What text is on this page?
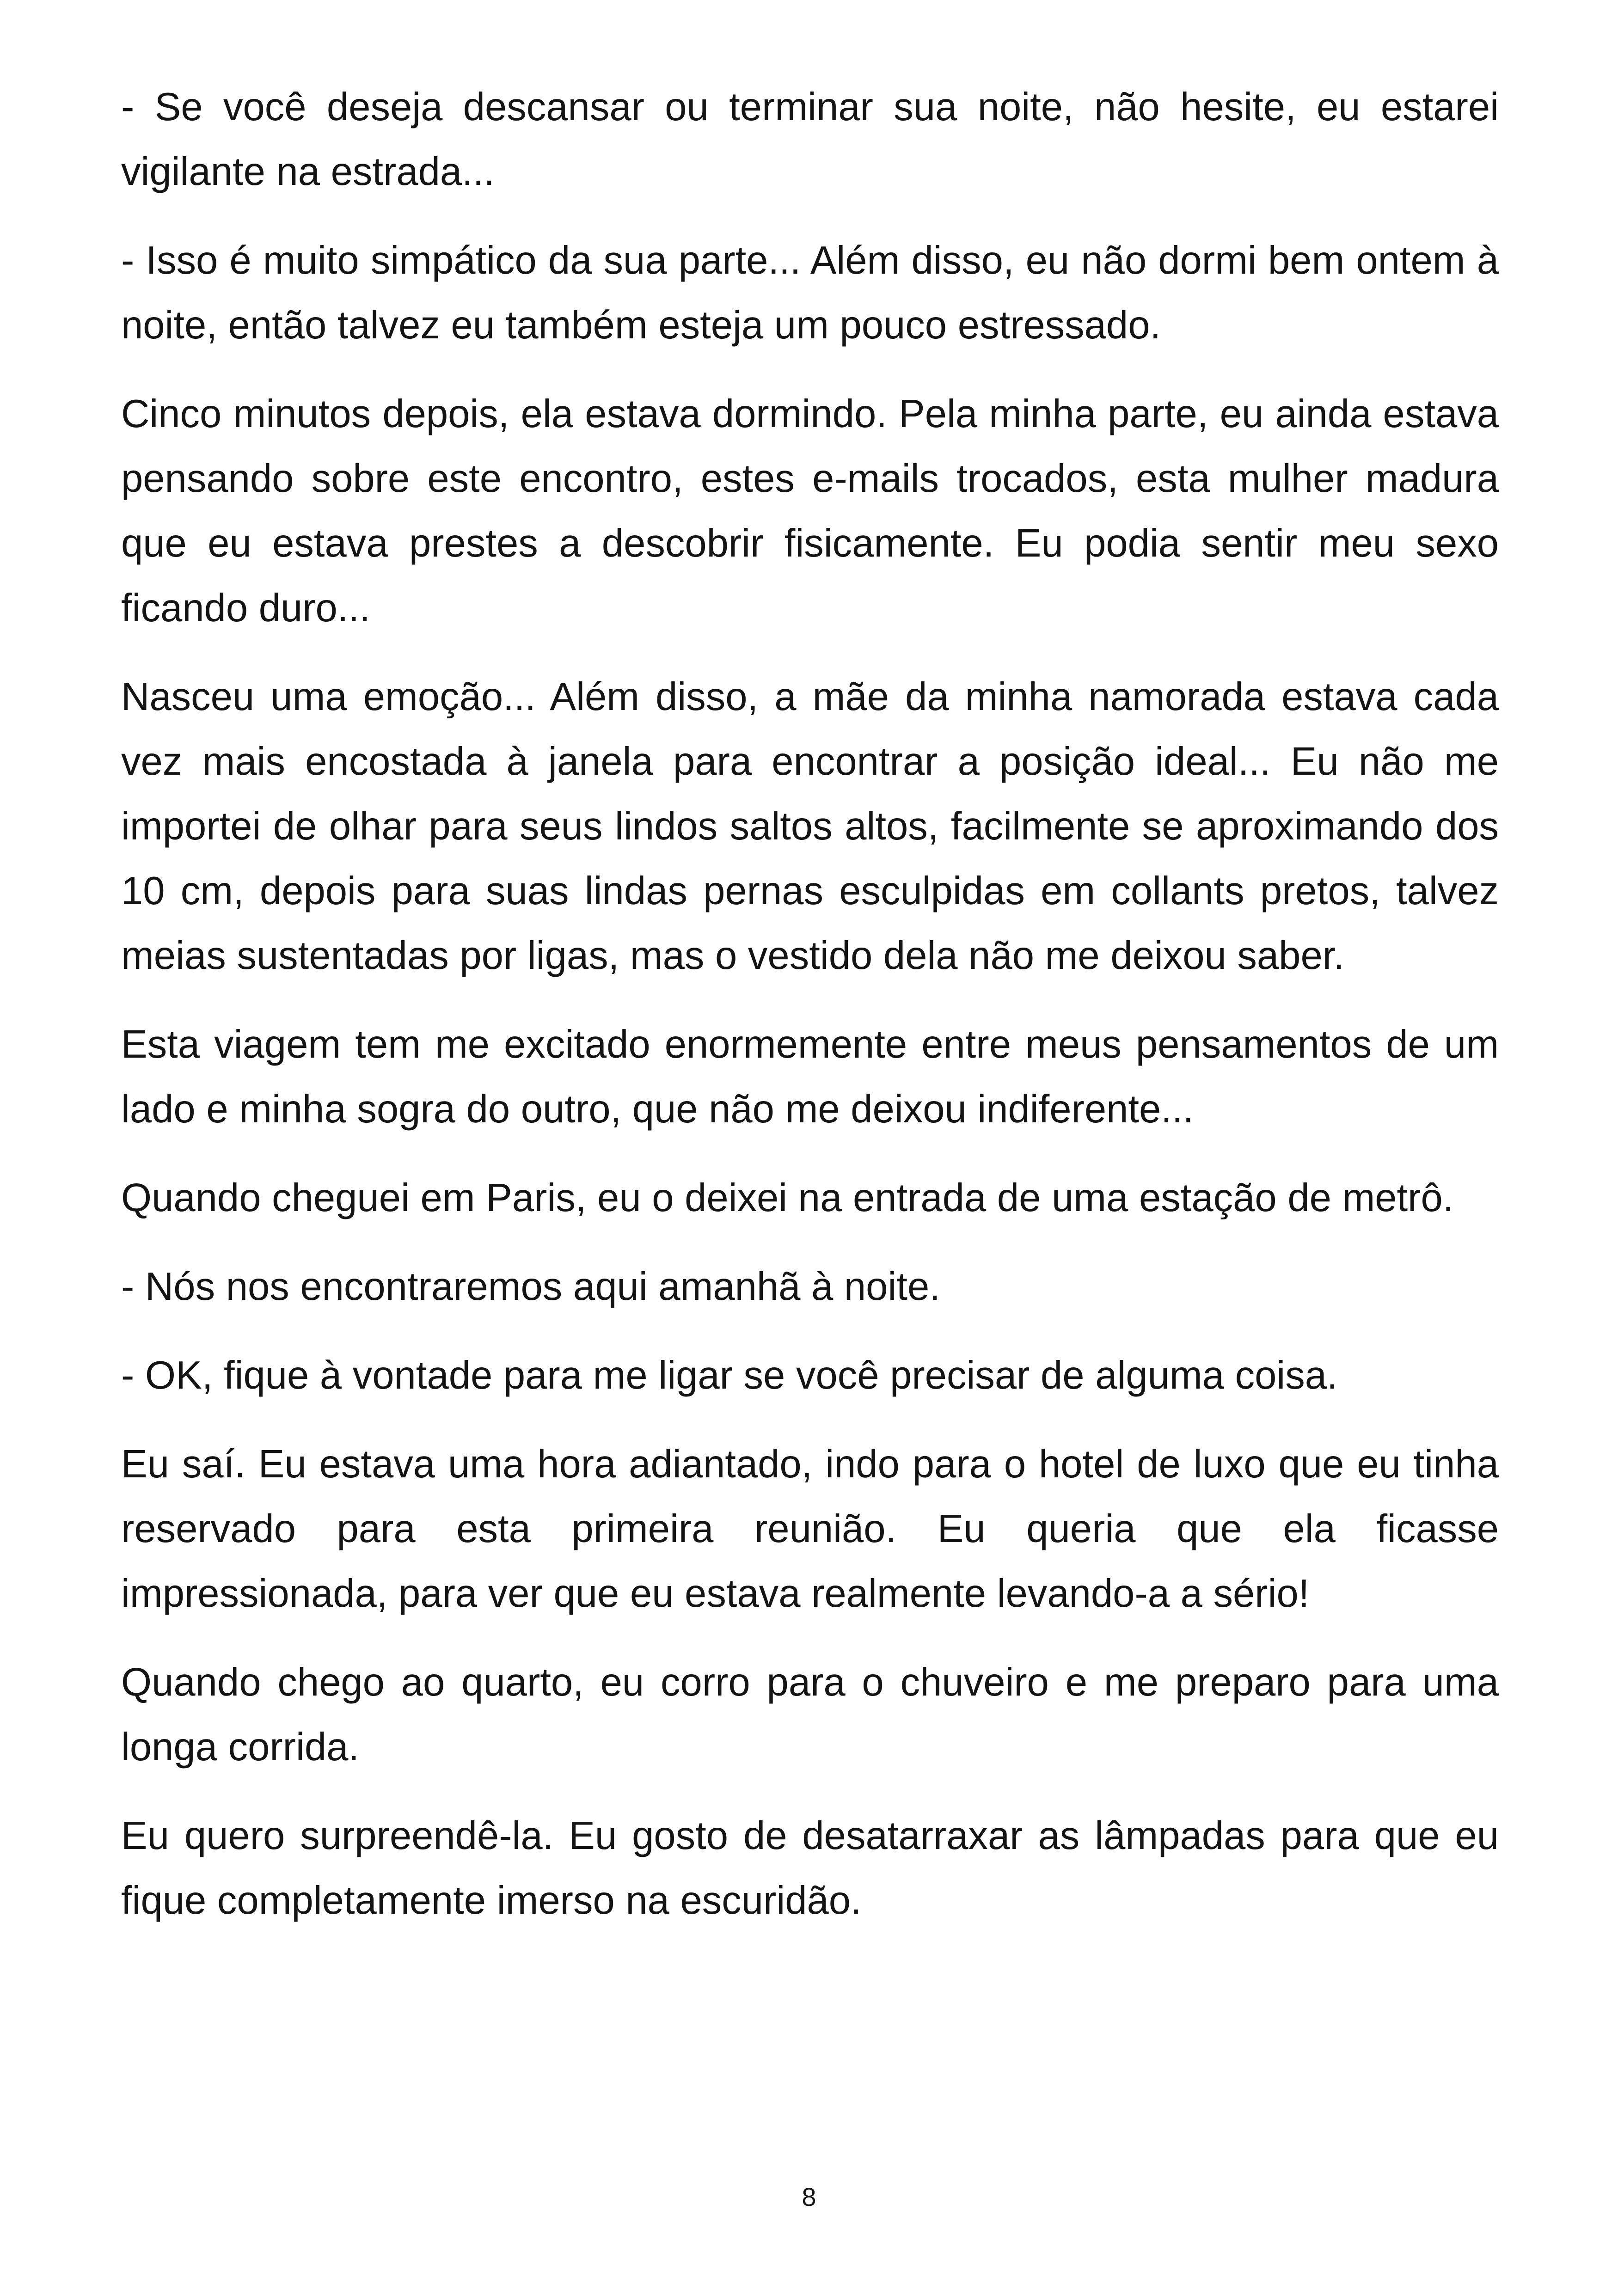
- Se você deseja descansar ou terminar sua noite, não hesite, eu estarei vigilante na estrada...

- Isso é muito simpático da sua parte... Além disso, eu não dormi bem ontem à noite, então talvez eu também esteja um pouco estressado.

Cinco minutos depois, ela estava dormindo. Pela minha parte, eu ainda estava pensando sobre este encontro, estes e-mails trocados, esta mulher madura que eu estava prestes a descobrir fisicamente. Eu podia sentir meu sexo ficando duro...

Nasceu uma emoção... Além disso, a mãe da minha namorada estava cada vez mais encostada à janela para encontrar a posição ideal... Eu não me importei de olhar para seus lindos saltos altos, facilmente se aproximando dos 10 cm, depois para suas lindas pernas esculpidas em collants pretos, talvez meias sustentadas por ligas, mas o vestido dela não me deixou saber.

Esta viagem tem me excitado enormemente entre meus pensamentos de um lado e minha sogra do outro, que não me deixou indiferente...

Quando cheguei em Paris, eu o deixei na entrada de uma estação de metrô.

- Nós nos encontraremos aqui amanhã à noite.

- OK, fique à vontade para me ligar se você precisar de alguma coisa.

Eu saí. Eu estava uma hora adiantado, indo para o hotel de luxo que eu tinha reservado para esta primeira reunião. Eu queria que ela ficasse impressionada, para ver que eu estava realmente levando-a a sério!

Quando chego ao quarto, eu corro para o chuveiro e me preparo para uma longa corrida.

Eu quero surpreendê-la. Eu gosto de desatarraxar as lâmpadas para que eu fique completamente imerso na escuridão.

8
